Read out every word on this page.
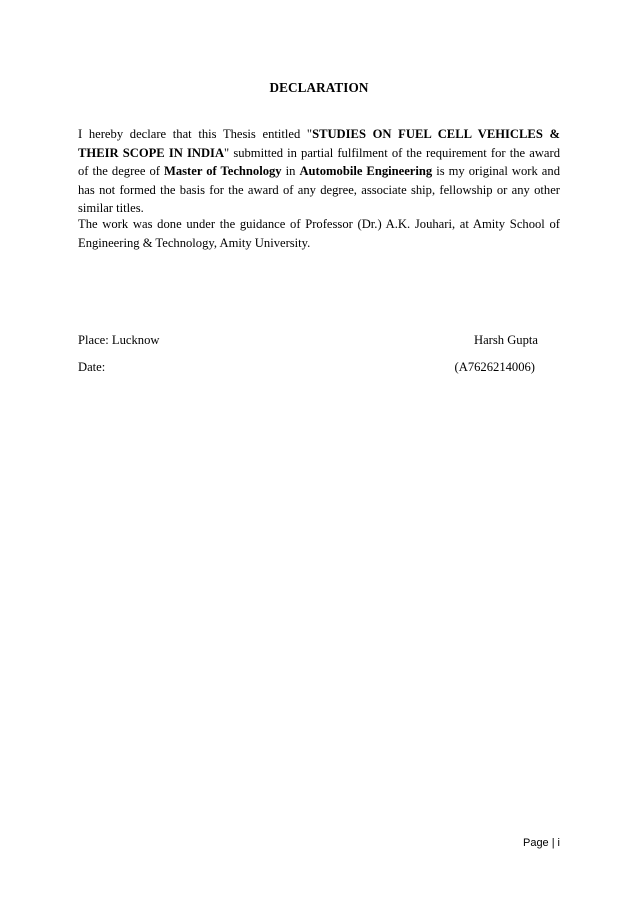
DECLARATION

I hereby declare that this Thesis entitled "STUDIES ON FUEL CELL VEHICLES & THEIR SCOPE IN INDIA" submitted in partial fulfilment of the requirement for the award of the degree of Master of Technology in Automobile Engineering is my original work and has not formed the basis for the award of any degree, associate ship, fellowship or any other similar titles.

The work was done under the guidance of Professor (Dr.) A.K. Jouhari, at Amity School of Engineering & Technology, Amity University.

Place: Lucknow	Harsh Gupta
Date:	(A7626214006)
Page | i
